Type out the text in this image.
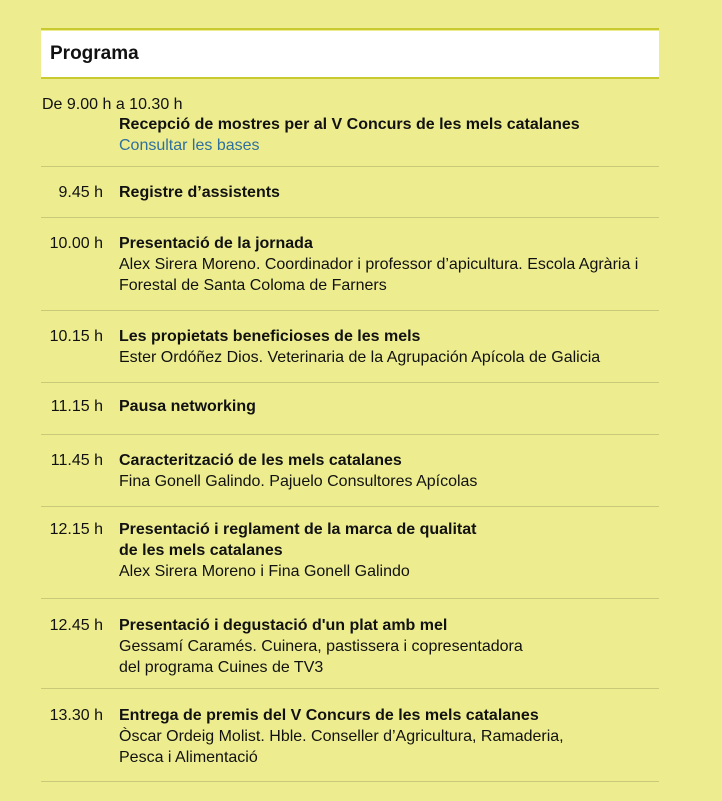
Programa
De 9.00 h a 10.30 h
Recepció de mostres per al V Concurs de les mels catalanes
Consultar les bases
9.45 h Registre d’assistents
10.00 h Presentació de la jornada
Alex Sirera Moreno. Coordinador i professor d’apicultura. Escola Agrària i Forestal de Santa Coloma de Farners
10.15 h Les propietats beneficioses de les mels
Ester Ordóñez Dios. Veterinaria de la Agrupación Apícola de Galicia
11.15 h Pausa networking
11.45 h Caracterització de les mels catalanes
Fina Gonell Galindo. Pajuelo Consultores Apícolas
12.15 h Presentació i reglament de la marca de qualitat
de les mels catalanes
Alex Sirera Moreno i Fina Gonell Galindo
12.45 h Presentació i degustació d'un plat amb mel
Gessamí Caramés. Cuinera, pastissera i copresentadora
del programa Cuines de TV3
13.30 h Entrega de premis del V Concurs de les mels catalanes
Òscar Ordeig Molist. Hble. Conseller d’Agricultura, Ramaderia,
Pesca i Alimentació
